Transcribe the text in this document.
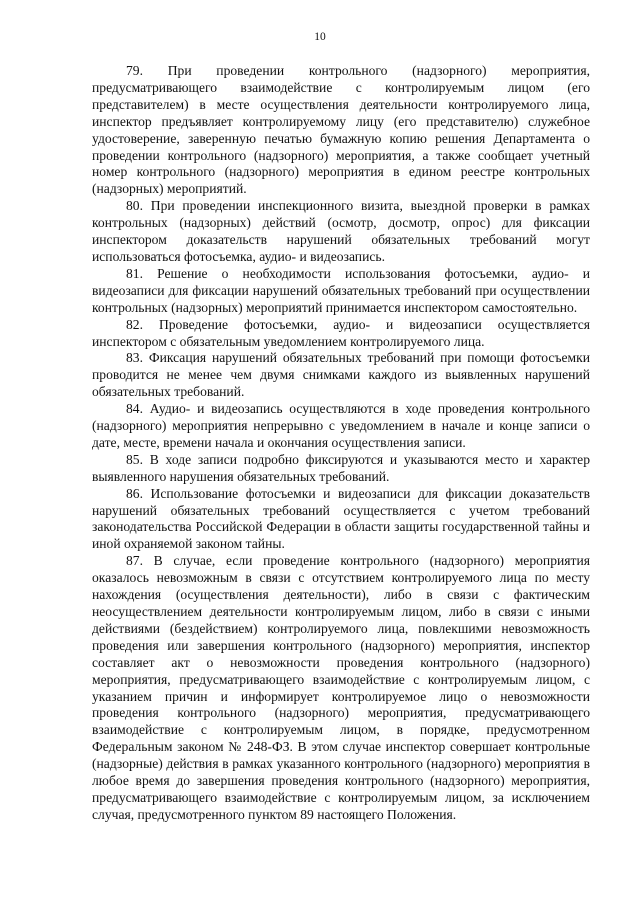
10

79. При проведении контрольного (надзорного) мероприятия, предусматривающего взаимодействие с контролируемым лицом (его представителем) в месте осуществления деятельности контролируемого лица, инспектор предъявляет контролируемому лицу (его представителю) служебное удостоверение, заверенную печатью бумажную копию решения Департамента о проведении контрольного (надзорного) мероприятия, а также сообщает учетный номер контрольного (надзорного) мероприятия в едином реестре контрольных (надзорных) мероприятий.

80. При проведении инспекционного визита, выездной проверки в рамках контрольных (надзорных) действий (осмотр, досмотр, опрос) для фиксации инспектором доказательств нарушений обязательных требований могут использоваться фотосъемка, аудио- и видеозапись.

81. Решение о необходимости использования фотосъемки, аудио- и видеозаписи для фиксации нарушений обязательных требований при осуществлении контрольных (надзорных) мероприятий принимается инспектором самостоятельно.

82. Проведение фотосъемки, аудио- и видеозаписи осуществляется инспектором с обязательным уведомлением контролируемого лица.

83. Фиксация нарушений обязательных требований при помощи фотосъемки проводится не менее чем двумя снимками каждого из выявленных нарушений обязательных требований.

84. Аудио- и видеозапись осуществляются в ходе проведения контрольного (надзорного) мероприятия непрерывно с уведомлением в начале и конце записи о дате, месте, времени начала и окончания осуществления записи.

85. В ходе записи подробно фиксируются и указываются место и характер выявленного нарушения обязательных требований.

86. Использование фотосъемки и видеозаписи для фиксации доказательств нарушений обязательных требований осуществляется с учетом требований законодательства Российской Федерации в области защиты государственной тайны и иной охраняемой законом тайны.

87. В случае, если проведение контрольного (надзорного) мероприятия оказалось невозможным в связи с отсутствием контролируемого лица по месту нахождения (осуществления деятельности), либо в связи с фактическим неосуществлением деятельности контролируемым лицом, либо в связи с иными действиями (бездействием) контролируемого лица, повлекшими невозможность проведения или завершения контрольного (надзорного) мероприятия, инспектор составляет акт о невозможности проведения контрольного (надзорного) мероприятия, предусматривающего взаимодействие с контролируемым лицом, с указанием причин и информирует контролируемое лицо о невозможности проведения контрольного (надзорного) мероприятия, предусматривающего взаимодействие с контролируемым лицом, в порядке, предусмотренном Федеральным законом № 248-ФЗ. В этом случае инспектор совершает контрольные (надзорные) действия в рамках указанного контрольного (надзорного) мероприятия в любое время до завершения проведения контрольного (надзорного) мероприятия, предусматривающего взаимодействие с контролируемым лицом, за исключением случая, предусмотренного пунктом 89 настоящего Положения.
